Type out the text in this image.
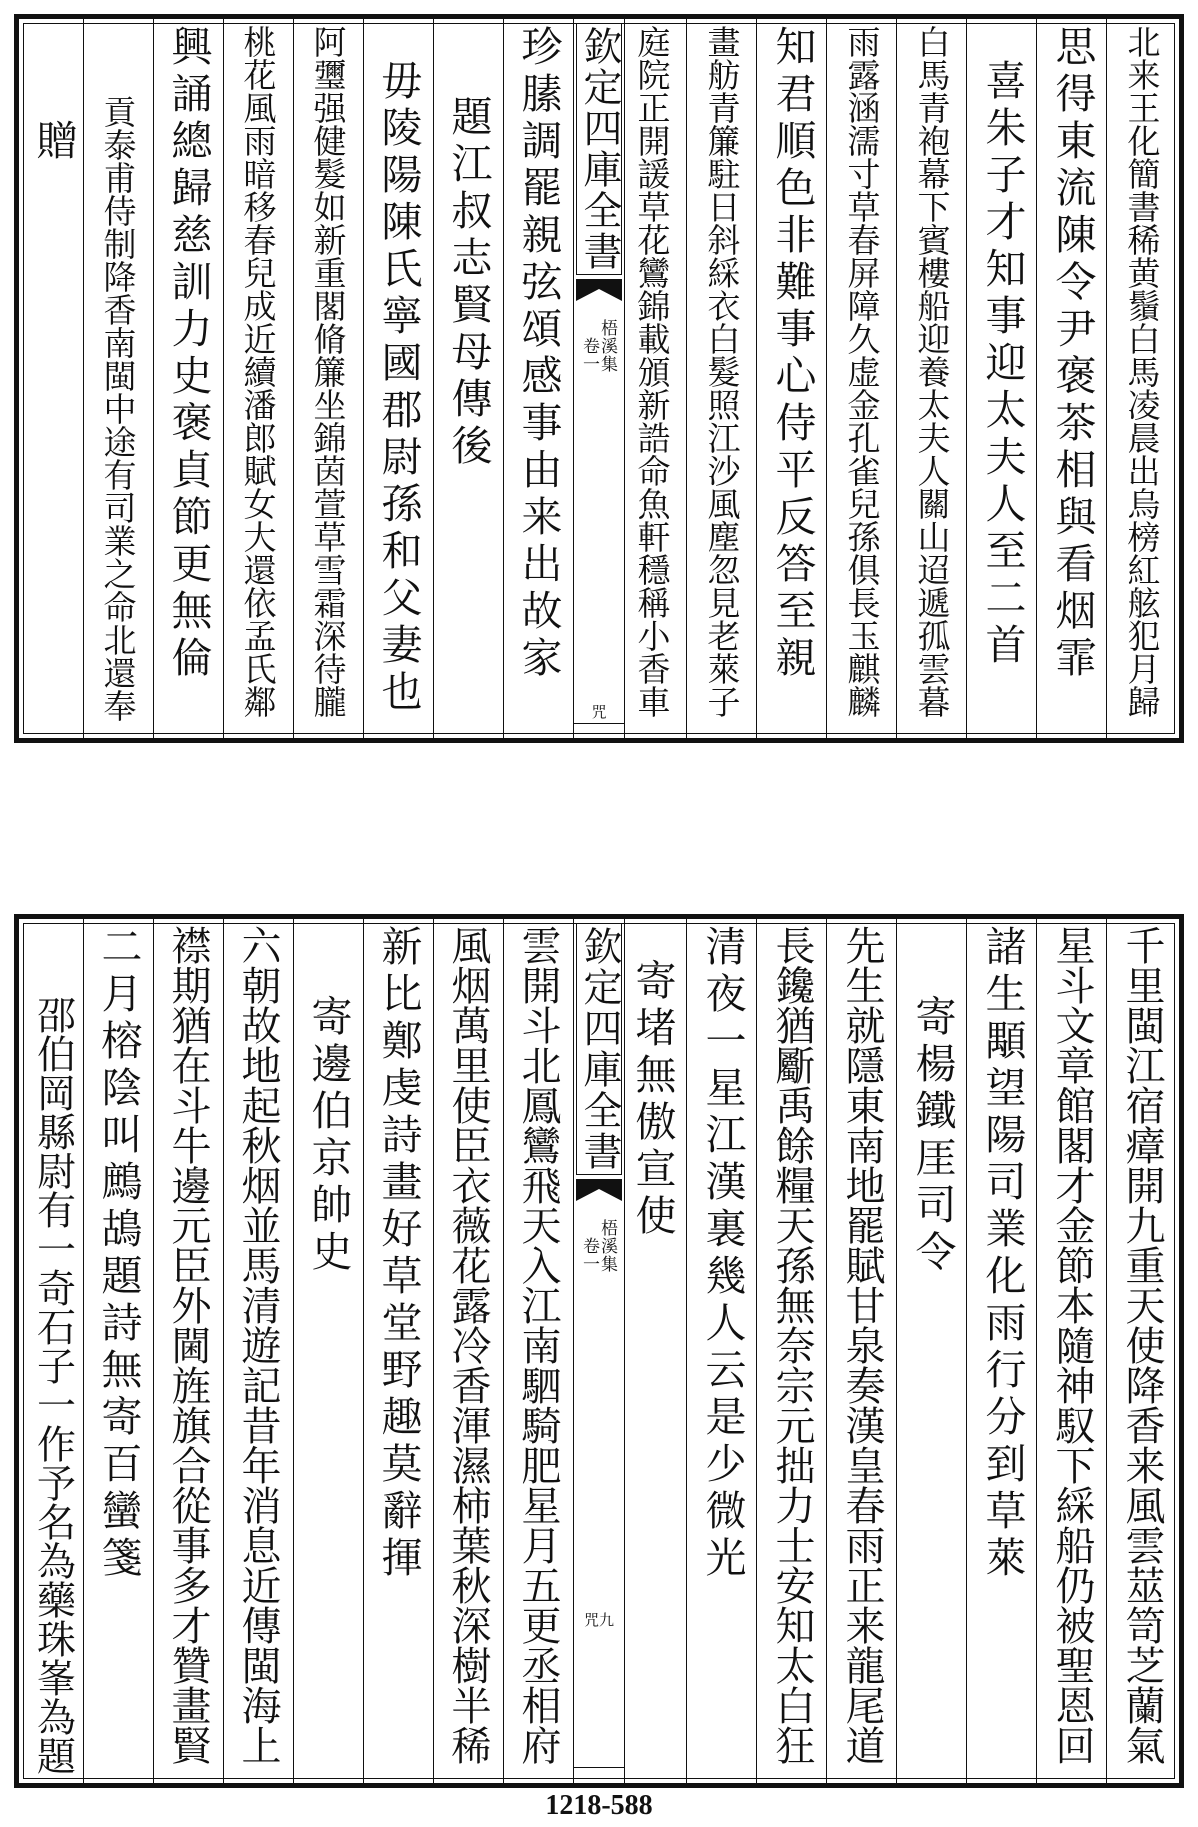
北来王化簡書稀黄鬚白馬凌晨出烏榜紅舷犯月歸
思得東流陳令尹褒茶相與看烟霏
喜朱子才知事迎太夫人至二首
白馬青袍幕下賓樓船迎養太夫人關山迢遞孤雲暮
雨露涵濡寸草春屏障久虚金孔雀兒孫俱長玉麒麟
知君順色非難事心侍平反答至親
畫舫青簾駐日斜綵衣白髮照江沙風塵忽見老萊子
庭院正開諼草花鸞錦載頒新誥命魚軒穩稱小香車
欽定四庫全書
梧溪集
卷一
咒
珍膆調罷親弦頌感事由来出故家
題江叔志賢母傳後
毋陵陽陳氏寧國郡尉孫和父妻也
阿瓕强健髮如新重閣脩簾坐錦茵萱草雪霜深待朧
桃花風雨暗移春兒成近續潘郎賦女大還依孟氏鄰
興誦總歸慈訓力史褒貞節更無倫
貢泰甫侍制降香南閩中途有司業之命北還奉
贈
千里閩江宿瘴開九重天使降香来風雲莁笥芝蘭氣
星斗文章館閣才金節本隨神馭下綵船仍被聖恩回
諸生顒望陽司業化雨行分到草萊
寄楊鐵厓司令
先生就隱東南地罷賦甘泉奏漢皇春雨正来龍尾道
長鑱猶斸禹餘糧天孫無奈宗元拙力士安知太白狂
清夜一星江漢裏幾人云是少微光
寄堵無傲宣使
欽定四庫全書
梧溪集
卷一
咒九
雲開斗北鳳鸞飛天入江南駟騎肥星月五更丞相府
風烟萬里使臣衣薇花露冷香渾濕柿葉秋深樹半稀
新比鄭虔詩畫好草堂野趣莫辭揮
寄邊伯京帥史
六朝故地起秋烟並馬清遊記昔年消息近傳閩海上
襟期猶在斗牛邊元臣外閫旌旗合從事多才贊畫賢
二月榕陰叫鷓鴣題詩無寄百蠻箋
邵伯岡縣尉有一奇石子一作予名為藥珠峯為題
1218-588
